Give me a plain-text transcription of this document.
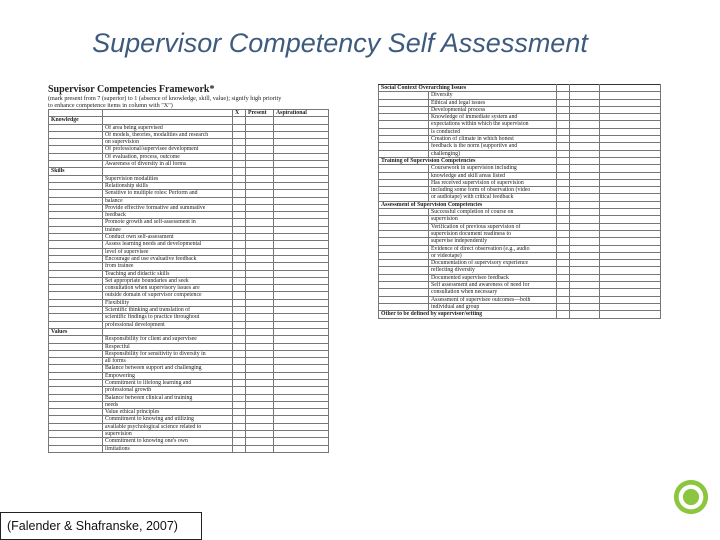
Supervisor Competency Self Assessment
Supervisor Competencies Framework*
(mark present from 7 (superior) to 1 (absence of knowledge, skill, value); signify high priority
to enhance competence items in column with "X")
		X	Present	Aspirational
Knowledge				
	Of area being supervised			
	Of models, theories, modalities and research			
	on supervision			
	Of professional/supervisee development			
	Of evaluation, process, outcome			
	Awareness of diversity in all forms			
Skills				
	Supervision modalities			
	Relationship skills			
	Sensitive to multiple roles: Perform and			
	balance			
	Provide effective formative and summative			
	feedback			
	Promote growth and self-assessment in			
	trainee			
	Conduct own self-assessment			
	Assess learning needs and developmental			
	level of supervisee			
	Encourage and use evaluative feedback			
	from trainee			
	Teaching and didactic skills			
	Set appropriate boundaries and seek			
	consultation when supervisory issues are			
	outside domain of supervisor competence			
	Flexibility			
	Scientific thinking and translation of			
	scientific findings to practice throughout			
	professional development			
Values				
	Responsibility for client and supervisee			
	Respectful			
	Responsibility for sensitivity to diversity in			
	all forms			
	Balance between support and challenging			
	Empowering			
	Commitment to lifelong learning and			
	professional growth			
	Balance between clinical and training			
	needs			
	Value ethical principles			
	Commitment to knowing and utilizing			
	available psychological science related to			
	supervision			
	Commitment to knowing one's own			
	limitations			
Social Context Overarching Issues				
	Diversity			
	Ethical and legal issues			
	Developmental process			
	Knowledge of immediate system and			
	expectations within which the supervision			
	is conducted			
	Creation of climate in which honest			
	feedback is the norm (supportive and			
	challenging)			
Training of Supervision Competencies				
	Coursework in supervision including			
	knowledge and skill areas listed			
	Has received supervision of supervision			
	including some form of observation (video			
	or audiotape) with critical feedback			
Assessment of Supervision Competencies				
	Successful completion of course on			
	supervision			
	Verification of previous supervision of			
	supervision document readiness to			
	supervise independently			
	Evidence of direct observation (e.g., audio			
	or videotape)			
	Documentation of supervisory experience			
	reflecting diversity			
	Documented supervisee feedback			
	Self assessment and awareness of need for			
	consultation when necessary			
	Assessment of supervisee outcomes—both			
	individual and group			
Other to be defined by supervisor/setting				
(Falender & Shafranske, 2007)
